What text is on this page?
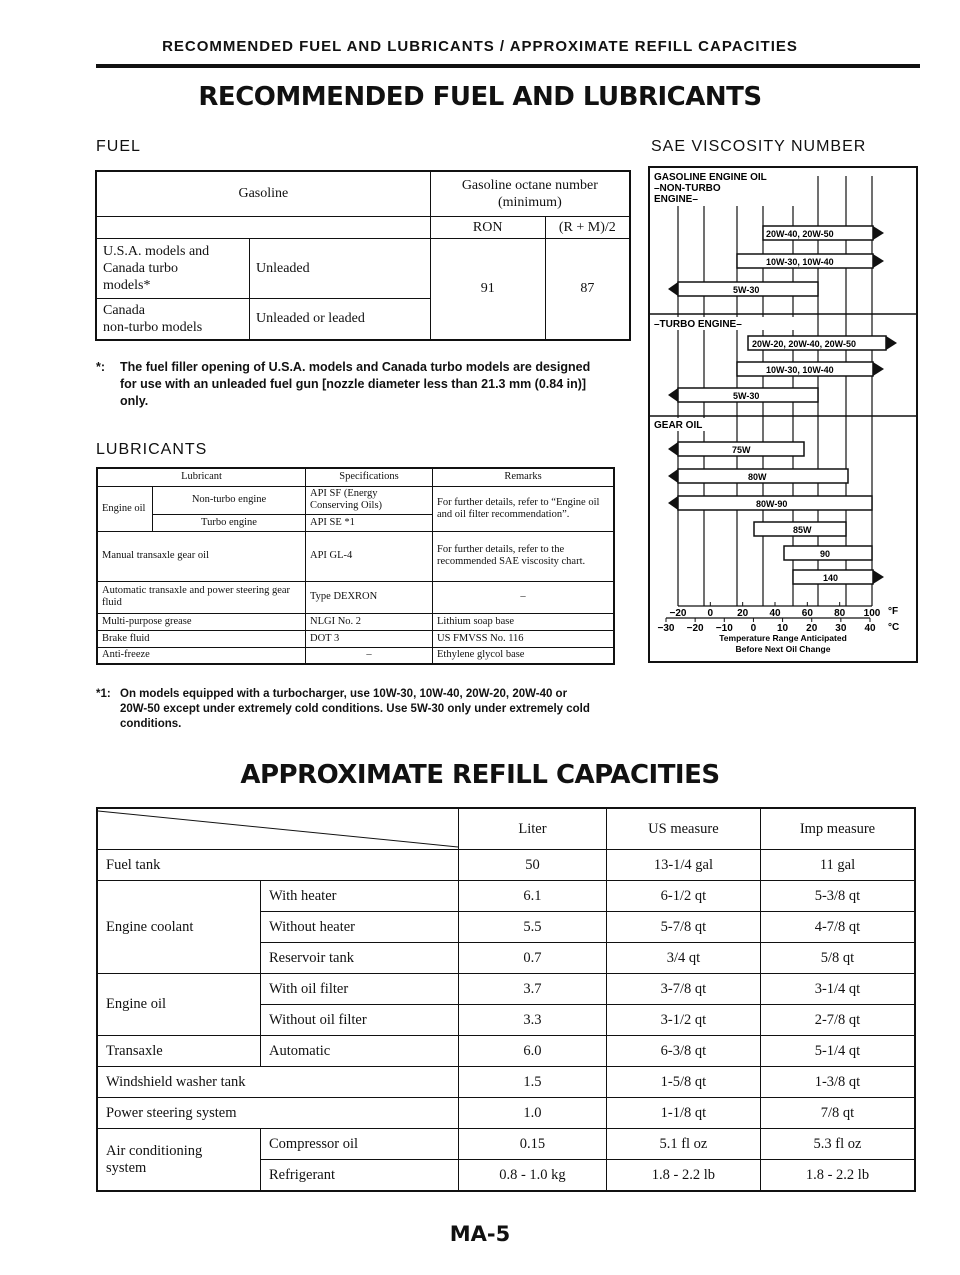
RECOMMENDED FUEL AND LUBRICANTS / APPROXIMATE REFILL CAPACITIES
RECOMMENDED FUEL AND LUBRICANTS
FUEL	SAE VISCOSITY NUMBER
Gasoline		Gasoline octane number
(minimum)	
		RON	(R + M)/2
U.S.A. models and
Canada turbo
models*	Unleaded	91	87
Canada
non-turbo models	Unleaded or leaded		
*: The fuel filler opening of U.S.A. models and Canada turbo models are designed
for use with an unleaded fuel gun [nozzle diameter less than 21.3 mm (0.84 in)]
only.
LUBRICANTS
Lubricant		Specifications	Remarks
Engine oil	Non-turbo engine	API SF (Energy Conserving Oils)	For further details, refer to “Engine oil and oil filter recommendation”.
	Turbo engine	API SE *1	
Manual transaxle gear oil		API GL-4	For further details, refer to the recommended SAE viscosity chart.
Automatic transaxle and power steering gear fluid		Type DEXRON	–
Multi-purpose grease		NLGI No. 2	Lithium soap base
Brake fluid		DOT 3	US FMVSS No. 116
Anti-freeze		–	Ethylene glycol base
*1: On models equipped with a turbocharger, use 10W-30, 10W-40, 20W-20, 20W-40 or
20W-50 except under extremely cold conditions. Use 5W-30 only under extremely cold
conditions.
GASOLINE ENGINE OIL
–NON-TURBO
ENGINE–
–TURBO ENGINE–
GEAR OIL
20W-40, 20W-50
10W-30, 10W-40
5W-30
20W-20, 20W-40, 20W-50
10W-30, 10W-40
5W-30
75W
80W
80W-90
85W
90
140
−20 0 20 40 60 80 100 °F
−30 −20 −10 0 10 20 30 40 °C
Temperature Range Anticipated
Before Next Oil Change
APPROXIMATE REFILL CAPACITIES
	Liter	US measure	Imp measure
Fuel tank		50	13-1/4 gal	11 gal
Engine coolant	With heater	6.1	6-1/2 qt	5-3/8 qt
	Without heater	5.5	5-7/8 qt	4-7/8 qt
	Reservoir tank	0.7	3/4 qt	5/8 qt
Engine oil	With oil filter	3.7	3-7/8 qt	3-1/4 qt
	Without oil filter	3.3	3-1/2 qt	2-7/8 qt
Transaxle	Automatic	6.0	6-3/8 qt	5-1/4 qt
Windshield washer tank		1.5	1-5/8 qt	1-3/8 qt
Power steering system		1.0	1-1/8 qt	7/8 qt
Air conditioning
system	Compressor oil	0.15	5.1 fl oz	5.3 fl oz
	Refrigerant	0.8 - 1.0 kg	1.8 - 2.2 lb	1.8 - 2.2 lb
MA-5
